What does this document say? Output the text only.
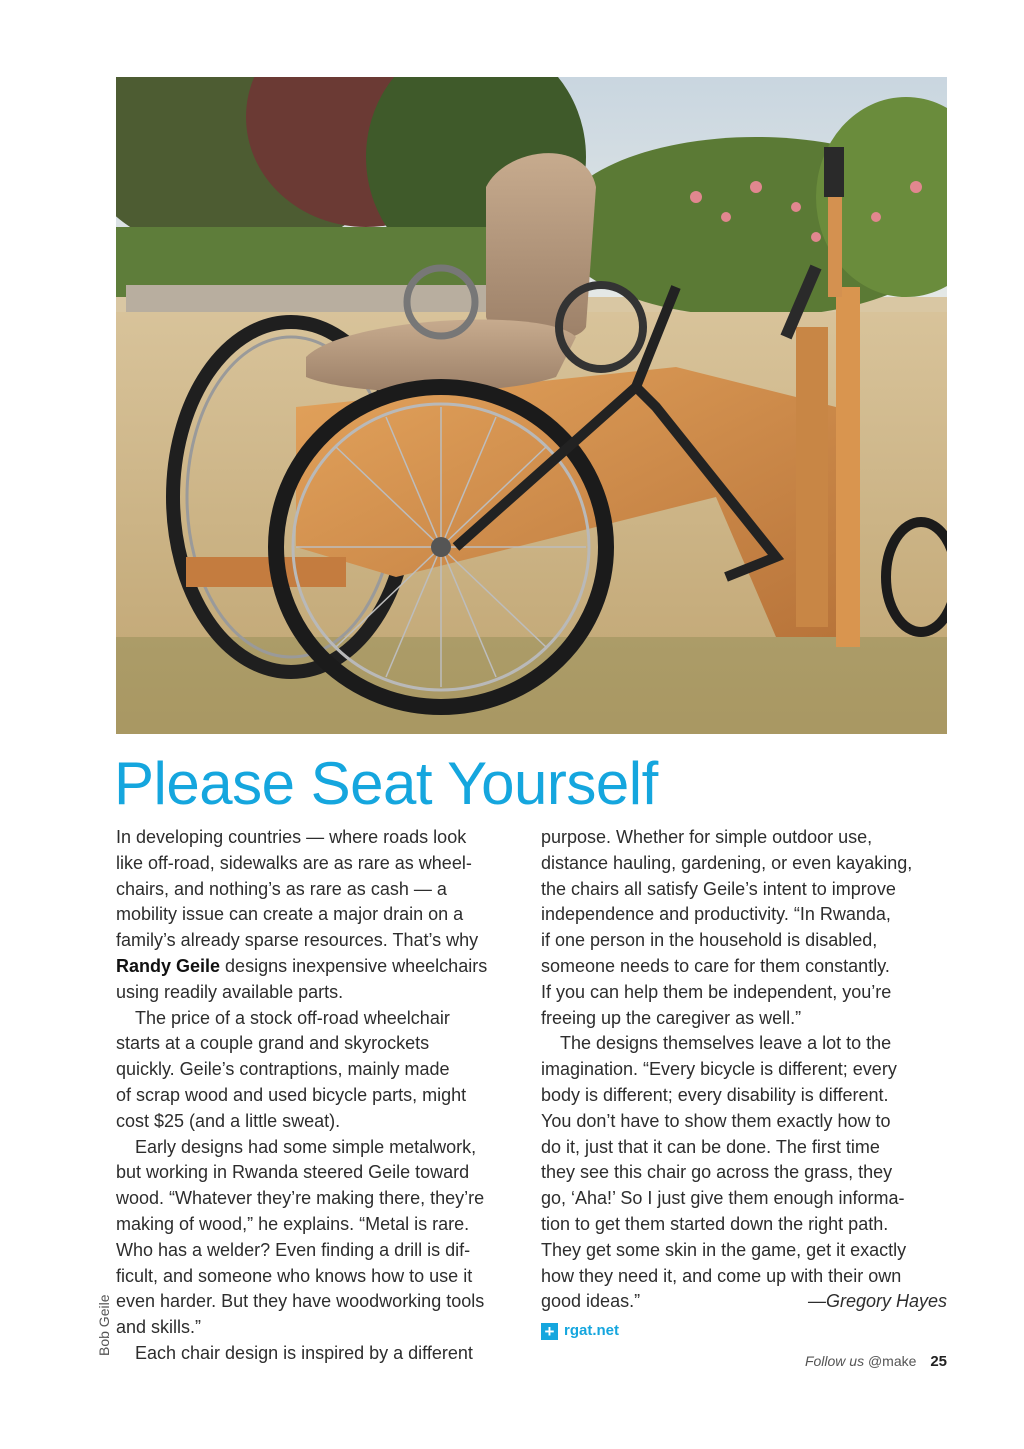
Please Seat Yourself

In developing countries — where roads look

like off-road, sidewalks are as rare as wheel-

chairs, and nothing’s as rare as cash — a

mobility issue can create a major drain on a

family’s already sparse resources. That’s why

Randy Geile designs inexpensive wheelchairs

using readily available parts.

The price of a stock off-road wheelchair

starts at a couple grand and skyrockets

quickly. Geile’s contraptions, mainly made

of scrap wood and used bicycle parts, might

cost $25 (and a little sweat).

Early designs had some simple metalwork,

but working in Rwanda steered Geile toward

wood. “Whatever they’re making there, they’re

making of wood,” he explains. “Metal is rare.

Who has a welder? Even finding a drill is dif-

ficult, and someone who knows how to use it

even harder. But they have woodworking tools

and skills.”

Each chair design is inspired by a different

purpose. Whether for simple outdoor use,

distance hauling, gardening, or even kayaking,

the chairs all satisfy Geile’s intent to improve

independence and productivity. “In Rwanda,

if one person in the household is disabled,

someone needs to care for them constantly.

If you can help them be independent, you’re

freeing up the caregiver as well.”

The designs themselves leave a lot to the

imagination. “Every bicycle is different; every

body is different; every disability is different.

You don’t have to show them exactly how to

do it, just that it can be done. The first time

they see this chair go across the grass, they

go, ‘Aha!’ So I just give them enough informa-

tion to get them started down the right path.

They get some skin in the game, get it exactly

how they need it, and come up with their own

good ideas.”	—Gregory Hayes
+ rgat.net
Bob Geile
Follow us @make 25
